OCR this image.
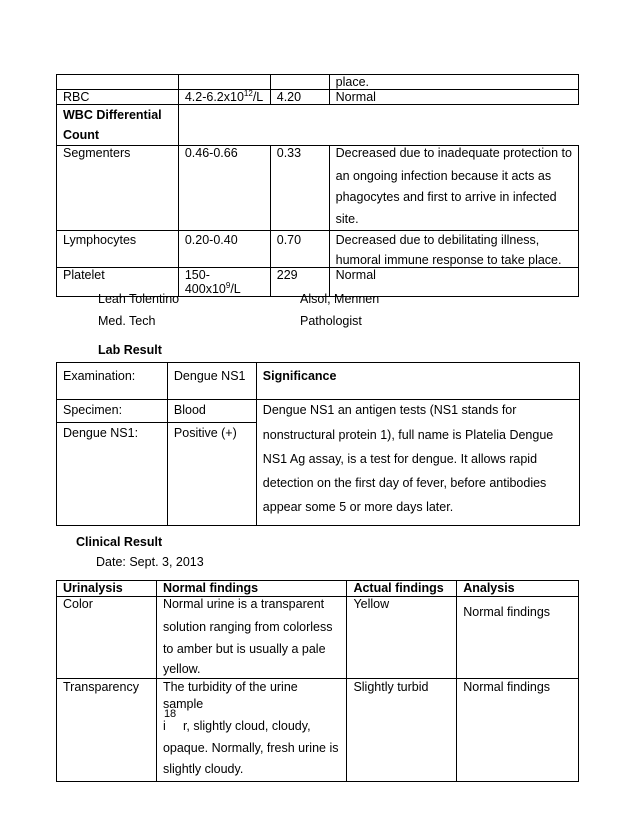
			place.
RBC	$4.2-6.2x10^{12}/L$	4.20	Normal

WBC Differential
Count			

Segmenters	0.46-0.66	0.33	Decreased due to inadequate protection to
an ongoing infection because it acts as
phagocytes and first to arrive in infected
site.

Lymphocytes	0.20-0.40	0.70	Decreased due to debilitating illness,
humoral immune response to take place.

Platelet	$150-400x10^9/L$	229	Normal
Leah Tolentino	Alsol, Mennen
Med. Tech	Pathologist
Lab Result
Examination:	Dengue NS1	Significance
Specimen:	Blood	Dengue NS1 an antigen tests (NS1 stands for
Dengue NS1:	Positive (+)	nonstructural protein 1), full name is Platelia Dengue
NS1 Ag assay, is a test for dengue. It allows rapid
detection on the first day of fever, before antibodies
appear some 5 or more days later.
Clinical Result
Date: Sept. 3, 2013
Urinalysis	Normal findings	Actual findings	Analysis
Color	Normal urine is a transparent
solution ranging from colorless
to amber but is usually a pale
yellow.	Yellow	Normal findings
Transparency	The turbidity of the urine sample
18
i r, slightly cloud, cloudy,
opaque. Normally, fresh urine is
slightly cloudy.	Slightly turbid	Normal findings
